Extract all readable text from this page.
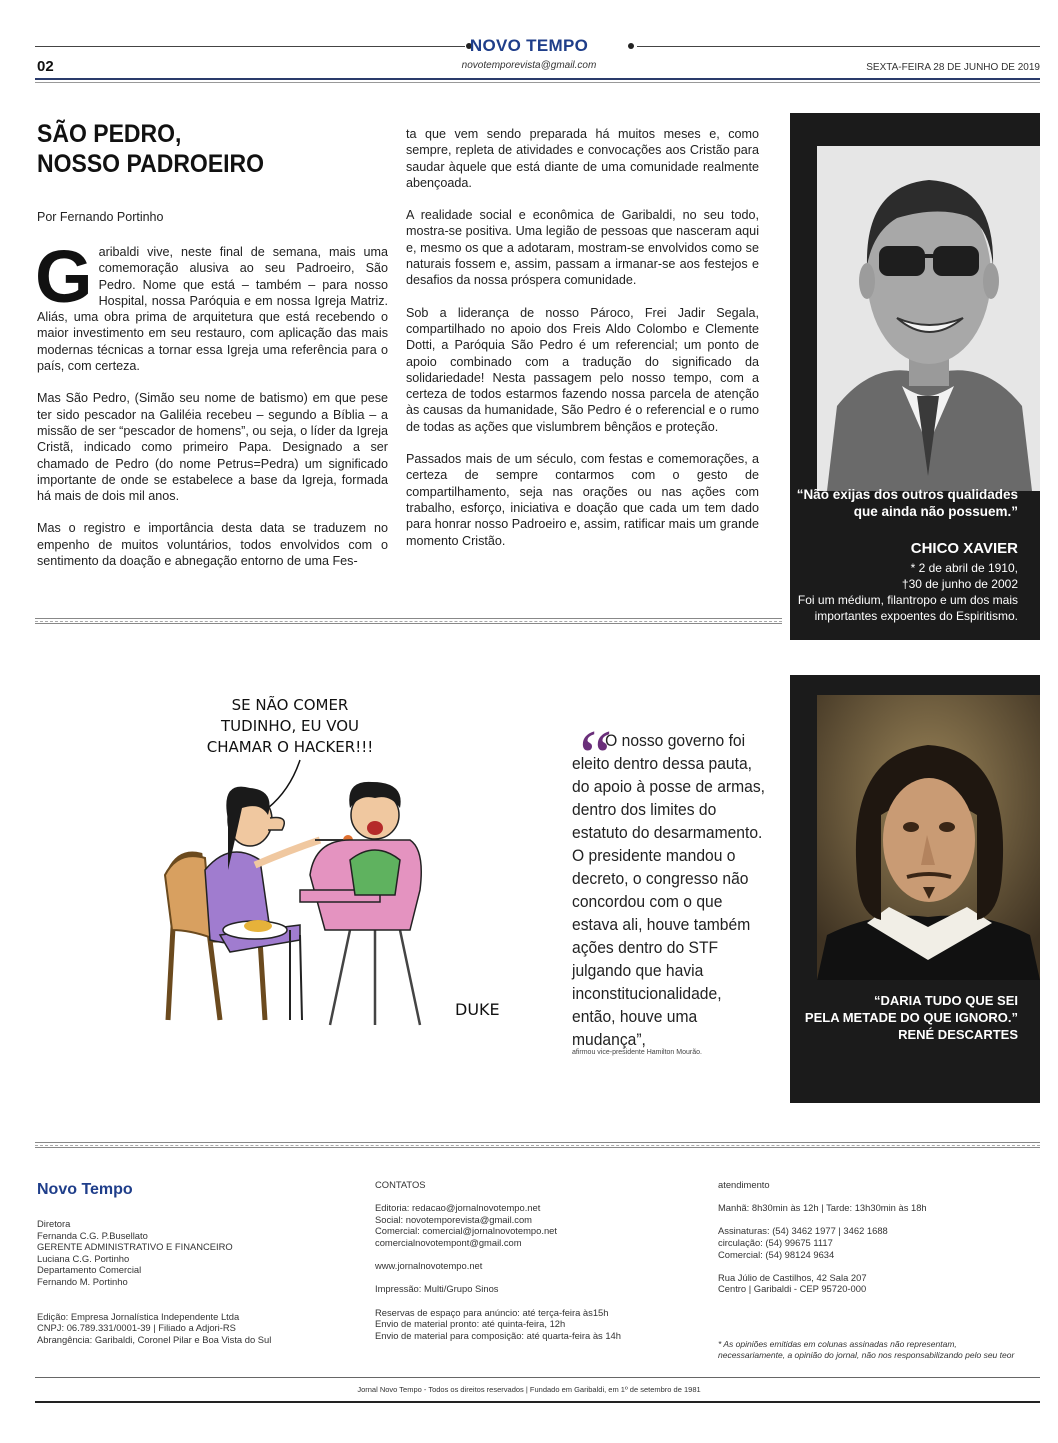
NOVO TEMPO
novotemporevista@gmail.com
02	SEXTA-FEIRA 28 DE JUNHO DE 2019
SÃO PEDRO,
NOSSO PADROEIRO
Por Fernando Portinho

Garibaldi vive, neste final de semana, mais uma comemoração alusiva ao seu Padroeiro, São Pedro. Nome que está – também – para nosso Hospital, nossa Paróquia e em nossa Igreja Matriz. Aliás, uma obra prima de arquitetura que está recebendo o maior investimento em seu restauro, com aplicação das mais modernas técnicas a tornar essa Igreja uma referência para o país, com certeza.

Mas São Pedro, (Simão seu nome de batismo) em que pese ter sido pescador na Galiléia recebeu – segundo a Bíblia – a missão de ser “pescador de homens”, ou seja, o líder da Igreja Cristã, indicado como primeiro Papa. Designado a ser chamado de Pedro (do nome Petrus=Pedra) um significado importante de onde se estabelece a base da Igreja, formada há mais de dois mil anos.

Mas o registro e importância desta data se traduzem no empenho de muitos voluntários, todos envolvidos com o sentimento da doação e abnegação entorno de uma Fes-

ta que vem sendo preparada há muitos meses e, como sempre, repleta de atividades e convocações aos Cristão para saudar àquele que está diante de uma comunidade realmente abençoada.

A realidade social e econômica de Garibaldi, no seu todo, mostra-se positiva. Uma legião de pessoas que nasceram aqui e, mesmo os que a adotaram, mostram-se envolvidos como se naturais fossem e, assim, passam a irmanar-se aos festejos e desafios da nossa próspera comunidade.

Sob a liderança de nosso Pároco, Frei Jadir Segala, compartilhado no apoio dos Freis Aldo Colombo e Clemente Dotti, a Paróquia São Pedro é um referencial; um ponto de apoio combinado com a tradução do significado da solidariedade! Nesta passagem pelo nosso tempo, com a certeza de todos estarmos fazendo nossa parcela de atenção às causas da humanidade, São Pedro é o referencial e o rumo de todas as ações que vislumbrem bênçãos e proteção.

Passados mais de um século, com festas e comemorações, a certeza de sempre contarmos com o gesto de compartilhamento, seja nas orações ou nas ações com trabalho, esforço, iniciativa e doação que cada um tem dado para honrar nosso Padroeiro e, assim, ratificar mais um grande momento Cristão.

“Não exijas dos outros qualidades
que ainda não possuem.”
CHICO XAVIER
* 2 de abril de 1910,
†30 de junho de 2002
Foi um médium, filantropo e um dos mais
importantes expoentes do Espiritismo.
SE NÃO COMER
TUDINHO, EU VOU
CHAMAR O HACKER!!!
DUKE
“
O nosso governo foi eleito dentro dessa pauta, do apoio à posse de armas, dentro dos limites do estatuto do desarmamento. O presidente mandou o decreto, o congresso não concordou com o que estava ali, houve também ações dentro do STF julgando que havia inconstitucionalidade, então, houve uma mudança”,
afirmou vice-presidente Hamilton Mourão.
“DARIA TUDO QUE SEI
PELA METADE DO QUE IGNORO.”
RENÉ DESCARTES
Novo Tempo
Diretora
Fernanda C.G. P.Busellato
GERENTE ADMINISTRATIVO E FINANCEIRO
Luciana C.G. Portinho
Departamento Comercial
Fernando M. Portinho
Edição: Empresa Jornalística Independente Ltda
CNPJ: 06.789.331/0001-39 | Filiado a Adjori-RS
Abrangência: Garibaldi, Coronel Pilar e Boa Vista do Sul
CONTATOS
Editoria: redacao@jornalnovotempo.net
Social: novotemporevista@gmail.com
Comercial: comercial@jornalnovotempo.net
comercialnovotempont@gmail.com
www.jornalnovotempo.net
Impressão: Multi/Grupo Sinos
Reservas de espaço para anúncio: até terça-feira às15h
Envio de material pronto: até quinta-feira, 12h
Envio de material para composição: até quarta-feira às 14h
atendimento
Manhã: 8h30min às 12h | Tarde: 13h30min às 18h
Assinaturas: (54) 3462 1977 | 3462 1688
circulação: (54) 99675 1117
Comercial: (54) 98124 9634
Rua Júlio de Castilhos, 42 Sala 207
Centro | Garibaldi - CEP 95720-000
* As opiniões emitidas em colunas assinadas não representam,
necessariamente, a opinião do jornal, não nos responsabilizando pelo seu teor
Jornal Novo Tempo - Todos os direitos reservados | Fundado em Garibaldi, em 1º de setembro de 1981
